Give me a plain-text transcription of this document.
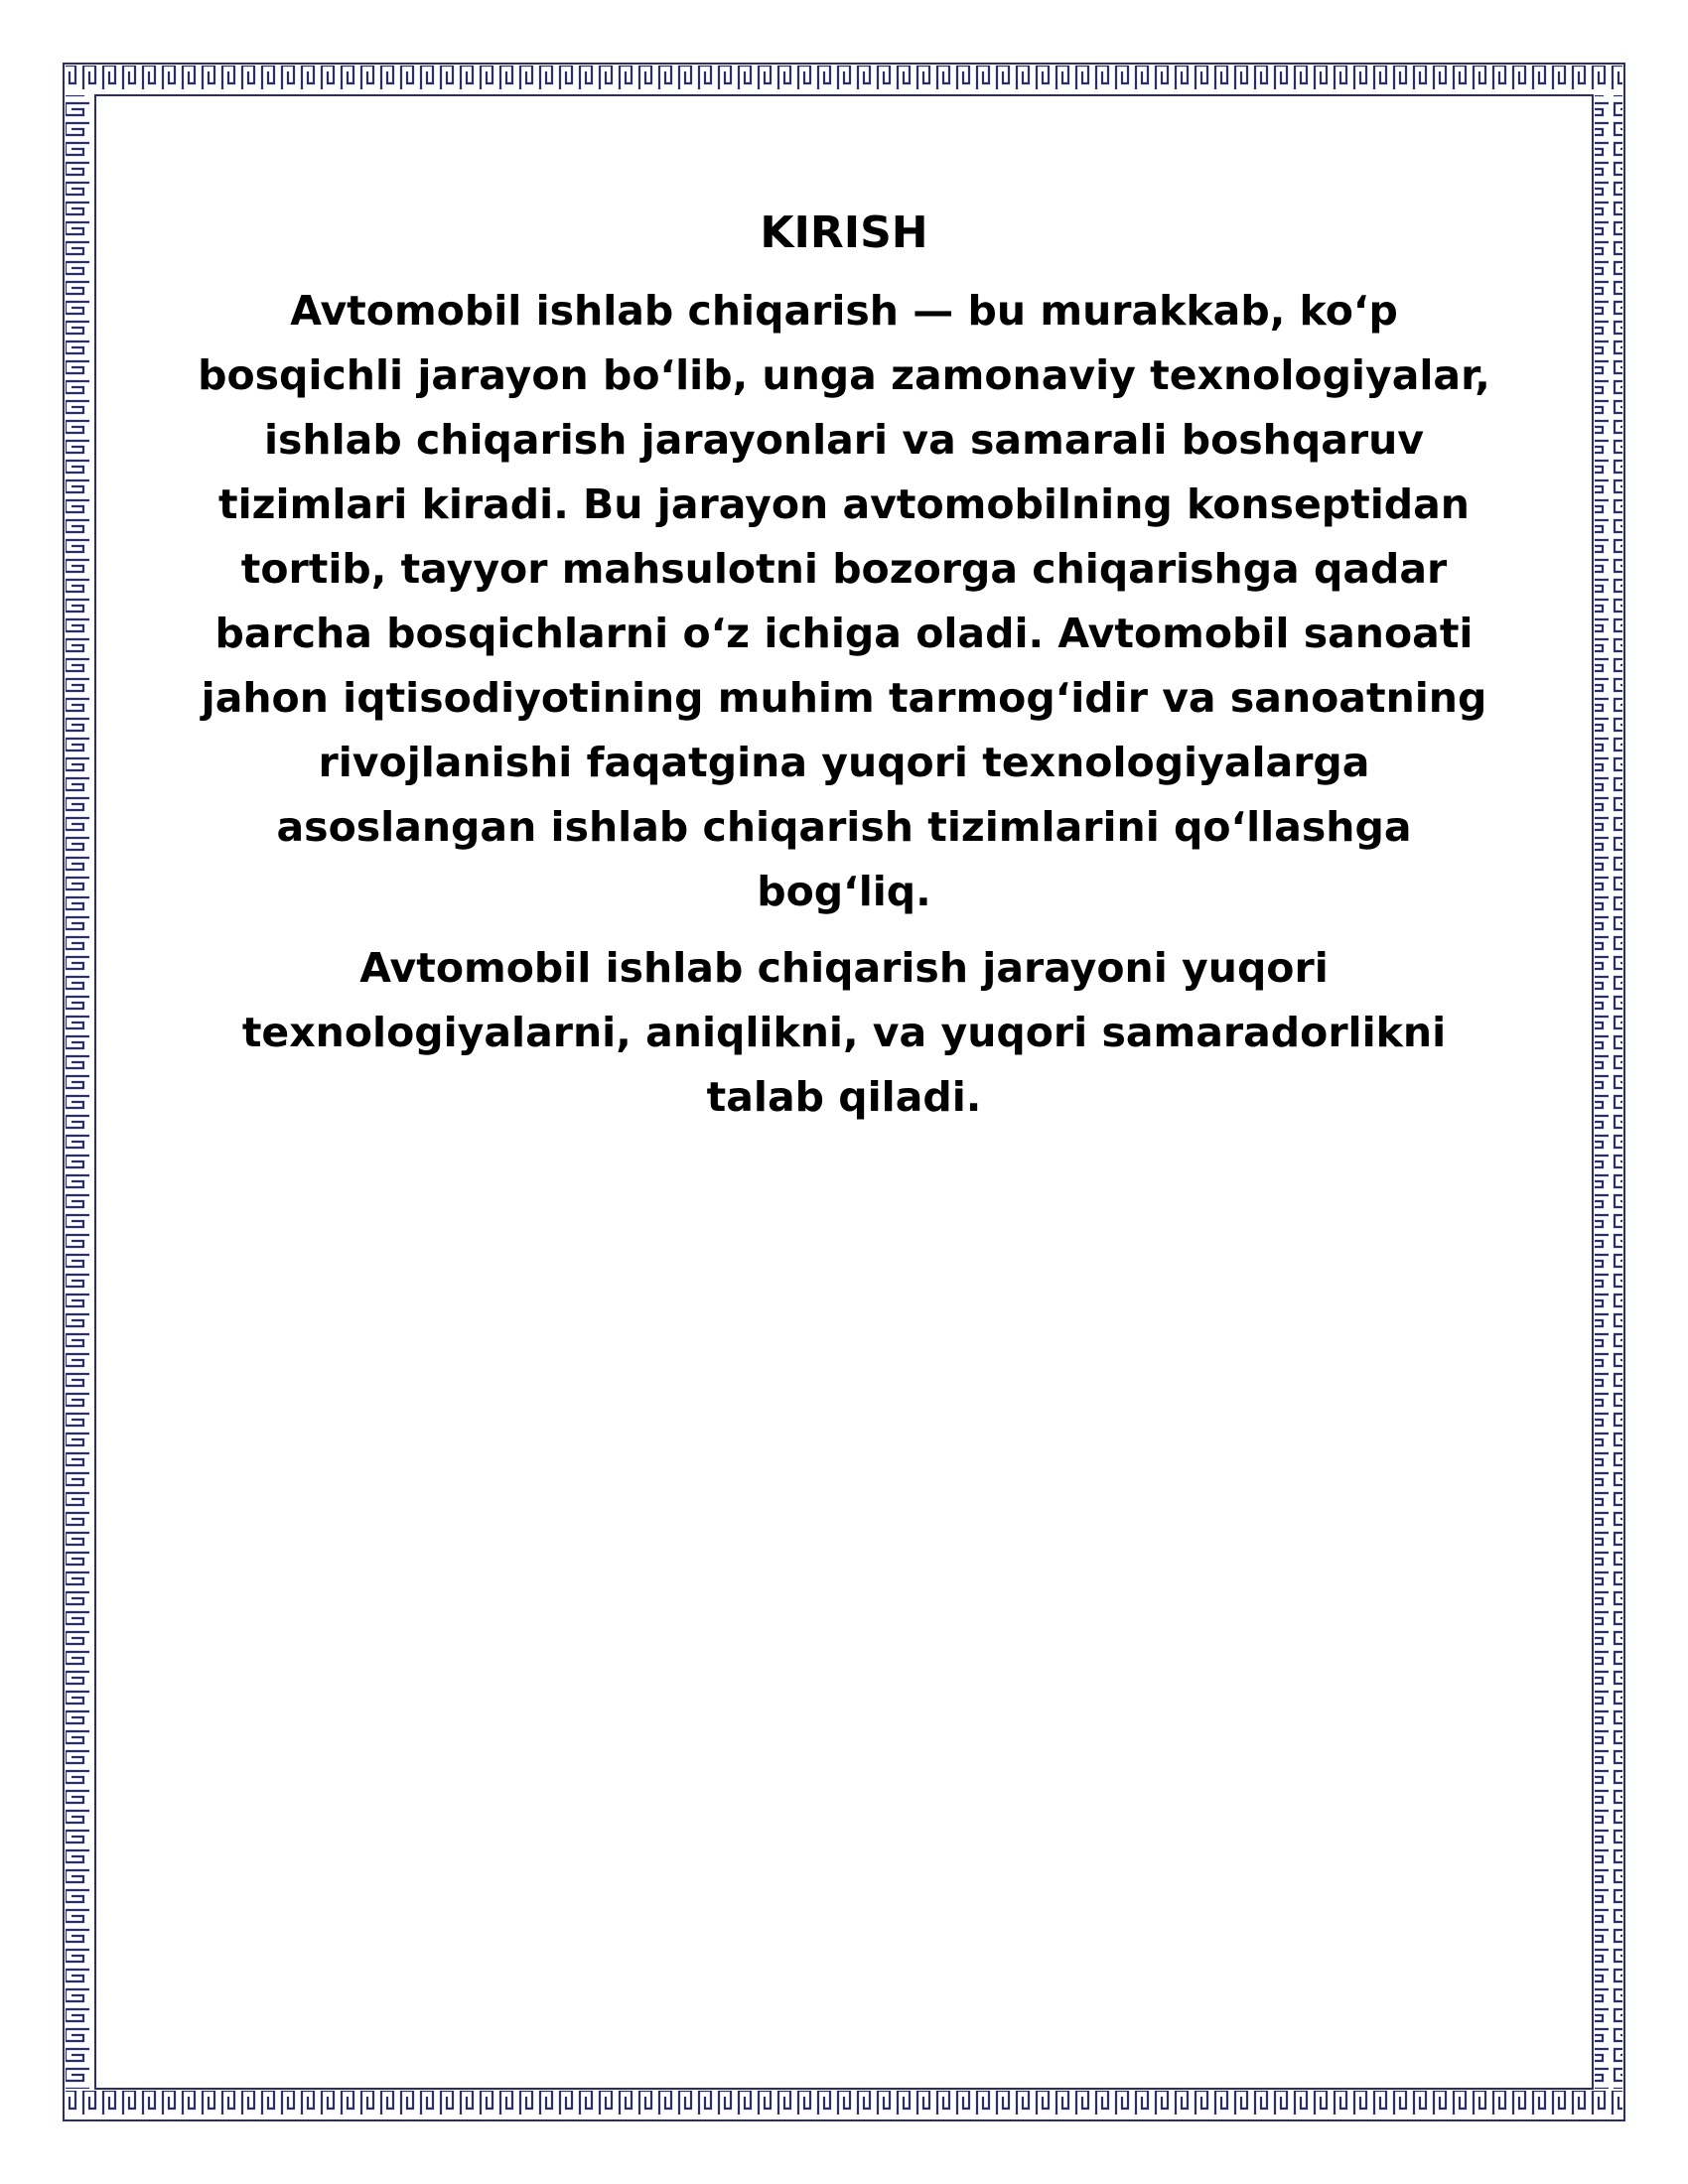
KIRISH
Avtomobil ishlab chiqarish — bu murakkab, ko‘p bosqichli jarayon bo‘lib, unga zamonaviy texnologiyalar, ishlab chiqarish jarayonlari va samarali boshqaruv tizimlari kiradi. Bu jarayon avtomobilning konseptidan tortib, tayyor mahsulotni bozorga chiqarishga qadar barcha bosqichlarni o‘z ichiga oladi. Avtomobil sanoati jahon iqtisodiyotining muhim tarmog‘idir va sanoatning rivojlanishi faqatgina yuqori texnologiyalarga asoslangan ishlab chiqarish tizimlarini qo‘llashga bog‘liq.
Avtomobil ishlab chiqarish jarayoni yuqori texnologiyalarni, aniqlikni, va yuqori samaradorlikni talab qiladi.
